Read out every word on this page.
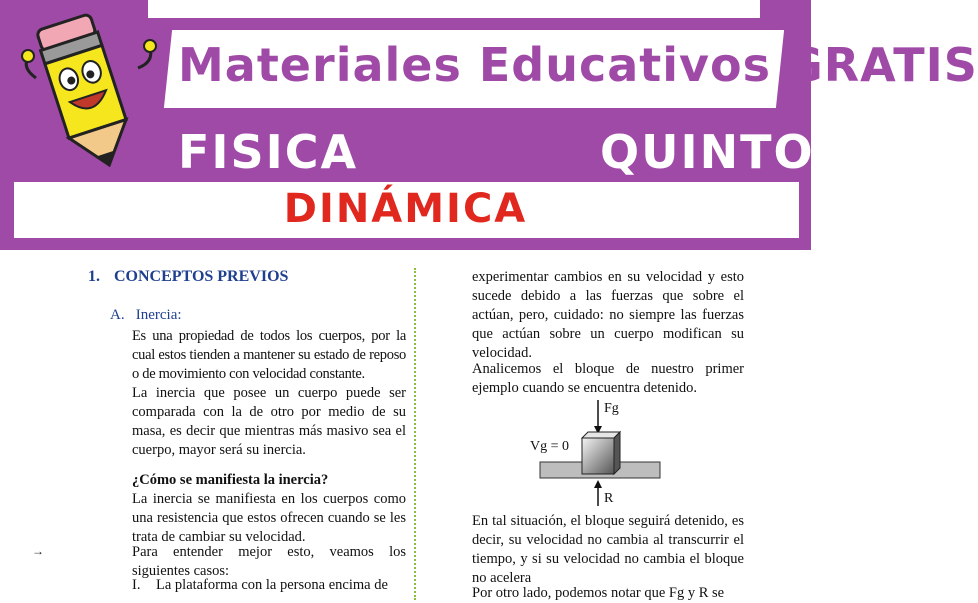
Materiales Educativos GRATIS
FISICA	QUINTO
DINÁMICA
1. CONCEPTOS PREVIOS
A. Inercia:
Es una propiedad de todos los cuerpos, por la cual estos tienden a mantener su estado de reposo o de movimiento con velocidad constante.
La inercia que posee un cuerpo puede ser comparada con la de otro por medio de su masa, es decir que mientras más masivo sea el cuerpo, mayor será su inercia.
¿Cómo se manifiesta la inercia?
La inercia se manifiesta en los cuerpos como una resistencia que estos ofrecen cuando se les trata de cambiar su velocidad.
Para entender mejor esto, veamos los siguientes casos:
→
I. La plataforma con la persona encima de
experimentar cambios en su velocidad y esto sucede debido a las fuerzas que sobre el actúan, pero, cuidado: no siempre las fuerzas que actúan sobre un cuerpo modifican su velocidad.
Analicemos el bloque de nuestro primer ejemplo cuando se encuentra detenido.
Fg
Vg = 0
R
En tal situación, el bloque seguirá detenido, es decir, su velocidad no cambia al transcurrir el tiempo, y si su velocidad no cambia el bloque no acelera
Por otro lado, podemos notar que Fg y R se
